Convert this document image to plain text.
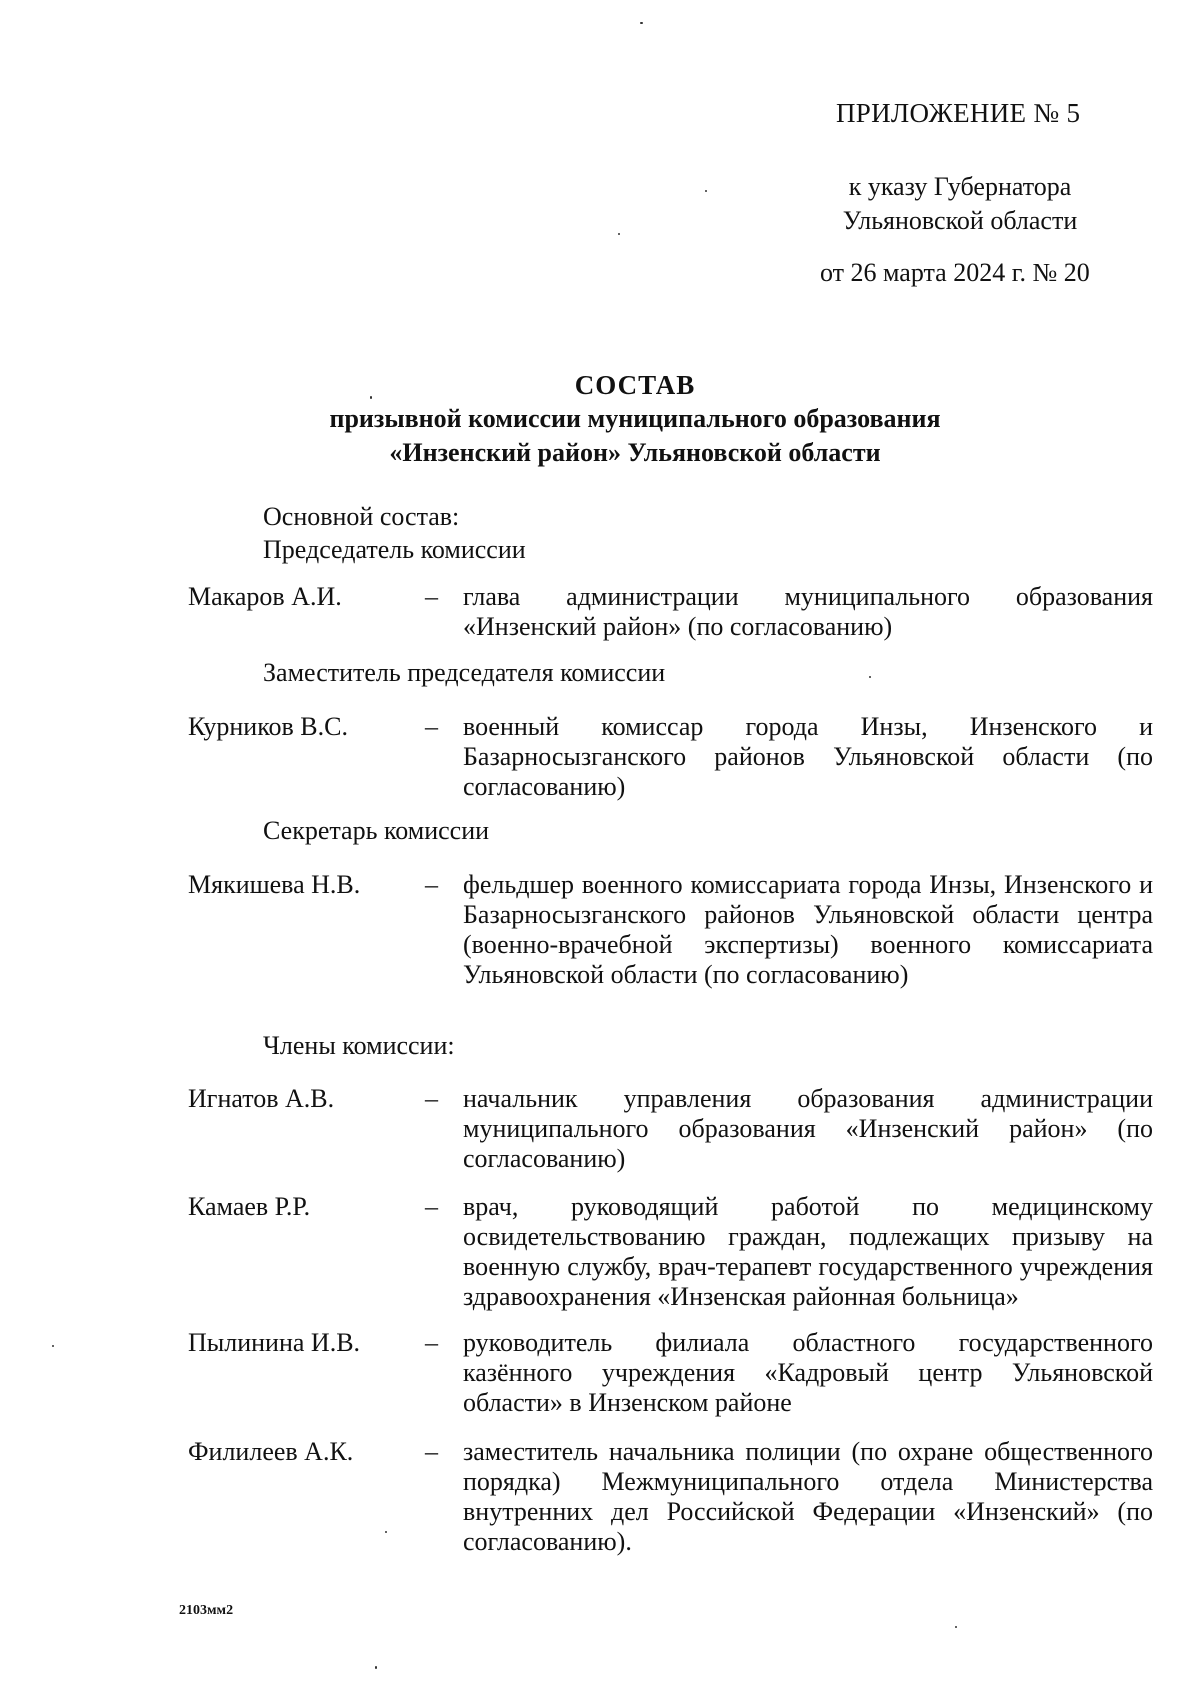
ПРИЛОЖЕНИЕ № 5
к указу Губернатора
Ульяновской области
от 26 марта 2024 г. № 20
СОСТАВ
призывной комиссии муниципального образования
«Инзенский район» Ульяновской области
Основной состав:
Председатель комиссии
Макаров А.И.	– глава администрации муниципального образования «Инзенский район» (по согласованию)
Заместитель председателя комиссии
Курников В.С.	– военный комиссар города Инзы, Инзенского и Базарносызганского районов Ульяновской области (по согласованию)
Секретарь комиссии
Мякишева Н.В. – фельдшер военного комиссариата города Инзы, Инзенского и Базарносызганского районов Ульяновской области центра (военно-врачебной экспертизы) военного комиссариата Ульяновской области (по согласованию)
Члены комиссии:
Игнатов А.В.	– начальник управления образования администрации муниципального образования «Инзенский район» (по согласованию)
Камаев Р.Р.	– врач, руководящий работой по медицинскому освидетельствованию граждан, подлежащих призыву на военную службу, врач-терапевт государственного учреждения здравоохранения «Инзенская районная больница»
Пылинина И.В. – руководитель филиала областного государственного казённого учреждения «Кадровый центр Ульяновской области» в Инзенском районе
Филилеев А.К.	– заместитель начальника полиции (по охране общественного порядка) Межмуниципального отдела Министерства внутренних дел Российской Федерации «Инзенский» (по согласованию).
2103мм2
